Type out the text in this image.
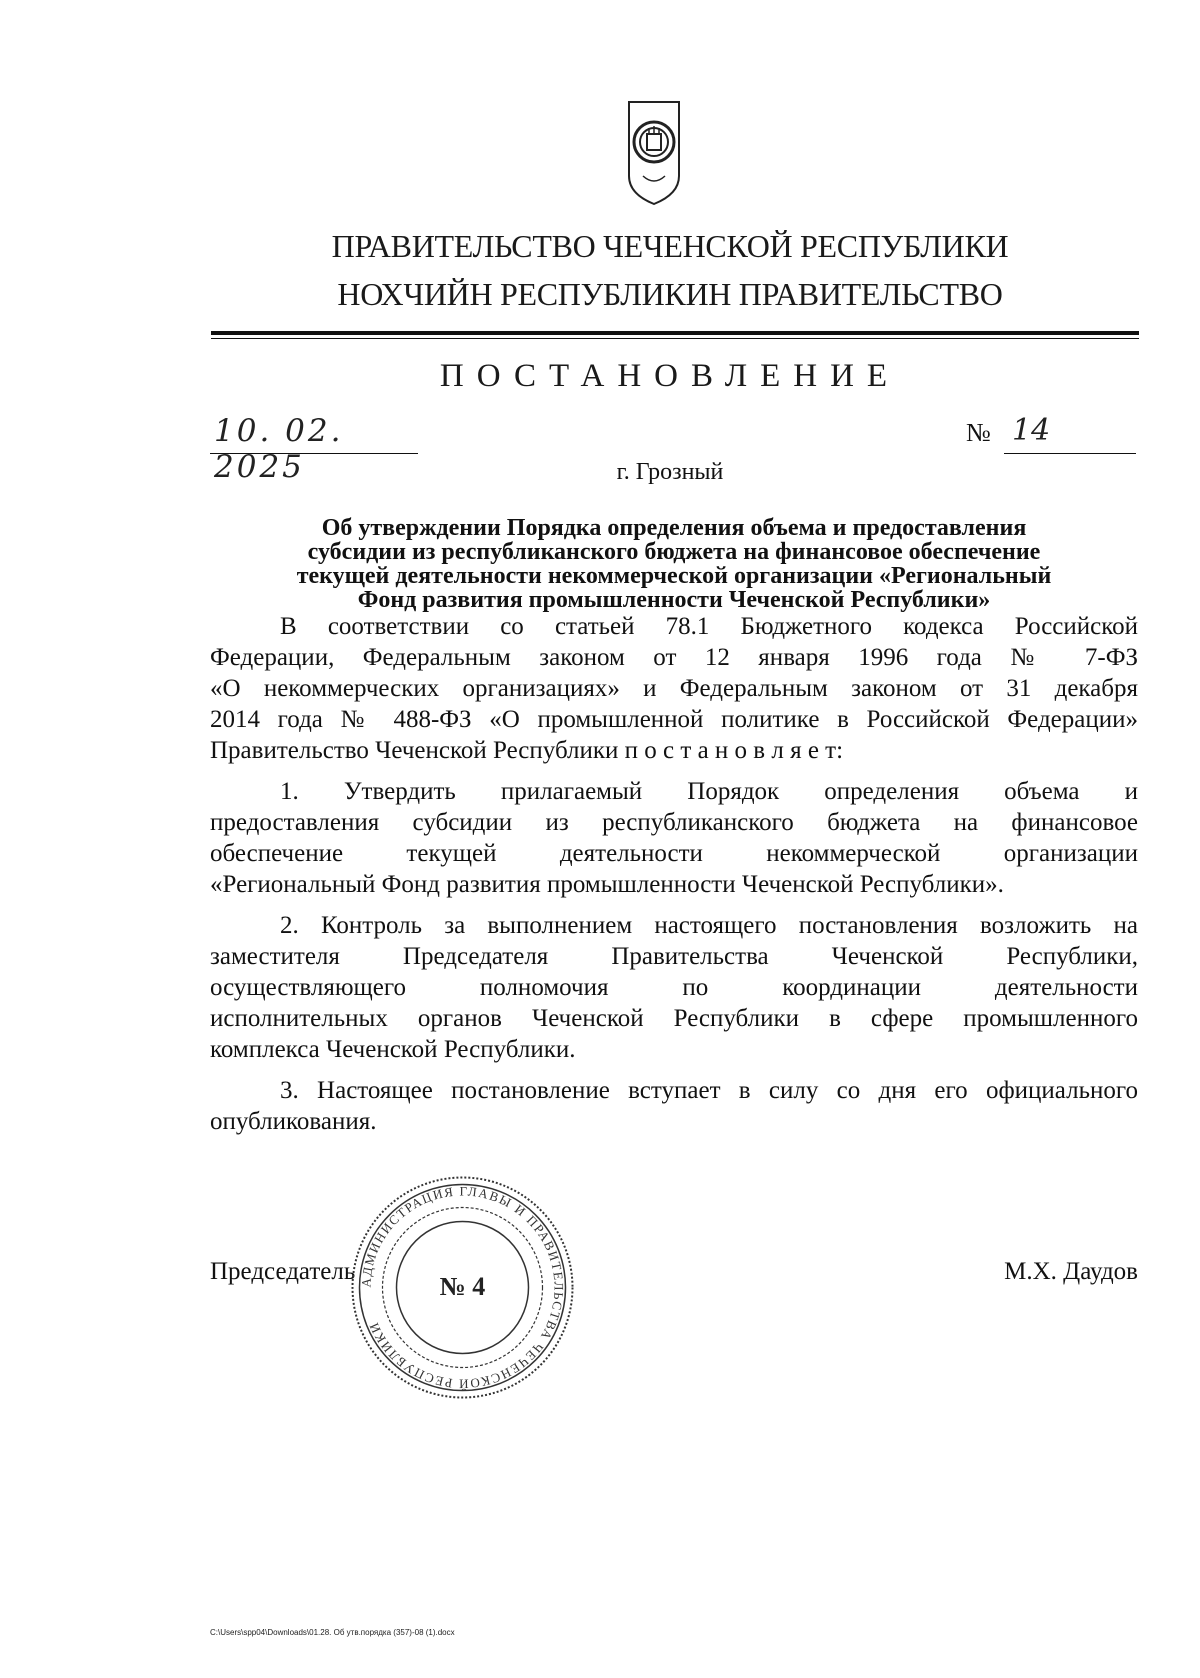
ПРАВИТЕЛЬСТВО ЧЕЧЕНСКОЙ РЕСПУБЛИКИ
НОХЧИЙН РЕСПУБЛИКИН ПРАВИТЕЛЬСТВО
ПОСТАНОВЛЕНИЕ
10. 02. 2025
№ 14
г. Грозный
Об утверждении Порядка определения объема и предоставления
субсидии из республиканского бюджета на финансовое обеспечение
текущей деятельности некоммерческой организации «Региональный
Фонд развития промышленности Чеченской Республики»
В соответствии со статьей 78.1 Бюджетного кодекса Российской
Федерации, Федеральным законом от 12 января 1996 года № 7-ФЗ
«О некоммерческих организациях» и Федеральным законом от 31 декабря
2014 года № 488-ФЗ «О промышленной политике в Российской Федерации»
Правительство Чеченской Республики п о с т а н о в л я е т:
1. Утвердить прилагаемый Порядок определения объема и
предоставления субсидии из республиканского бюджета на финансовое
обеспечение текущей деятельности некоммерческой организации
«Региональный Фонд развития промышленности Чеченской Республики».
2. Контроль за выполнением настоящего постановления возложить на
заместителя Председателя Правительства Чеченской Республики,
осуществляющего полномочия по координации деятельности
исполнительных органов Чеченской Республики в сфере промышленного
комплекса Чеченской Республики.
3. Настоящее постановление вступает в силу со дня его официального
опубликования.
Председатель	М.Х. Даудов
АДМИНИСТРАЦИЯ ГЛАВЫ И ПРАВИТЕЛЬСТВА ЧЕЧЕНСКОЙ РЕСПУБЛИКИ
№ 4
C:\Users\spp04\Downloads\01.28. Об утв.порядка (357)-08 (1).docx
